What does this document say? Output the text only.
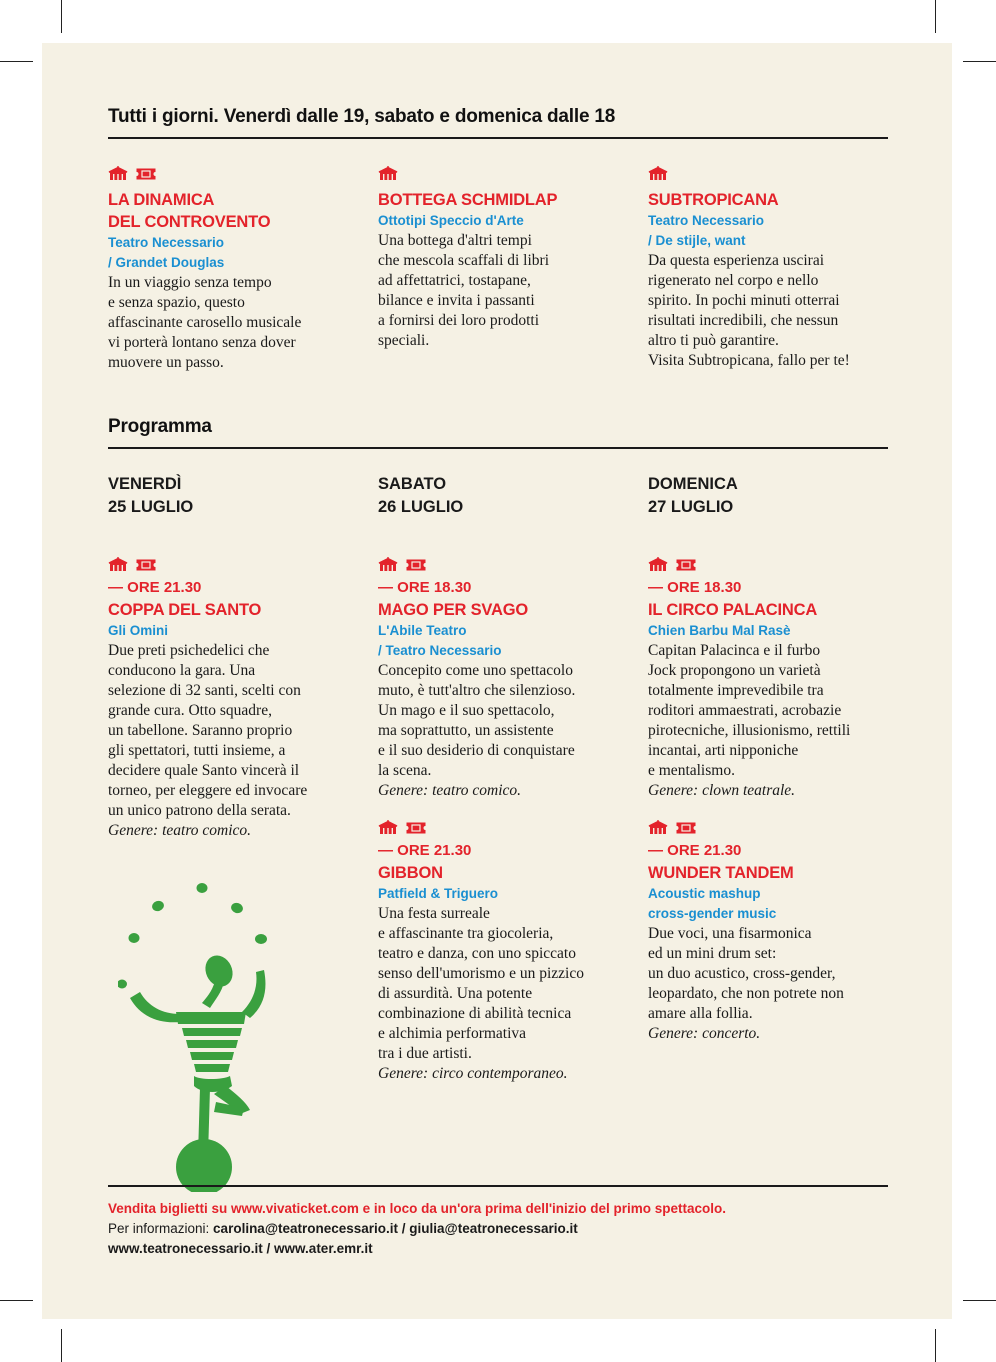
Tutti i giorni. Venerdì dalle 19, sabato e domenica dalle 18
LA DINAMICA
DEL CONTROVENTO
Teatro Necessario
/ Grandet Douglas
In un viaggio senza tempo
e senza spazio, questo
affascinante carosello musicale
vi porterà lontano senza dover
muovere un passo.
BOTTEGA SCHMIDLAP
Ottotipi Speccio d'Arte
Una bottega d'altri tempi
che mescola scaffali di libri
ad affettatrici, tostapane,
bilance e invita i passanti
a fornirsi dei loro prodotti
speciali.
SUBTROPICANA
Teatro Necessario
/ De stijle, want
Da questa esperienza uscirai
rigenerato nel corpo e nello
spirito. In pochi minuti otterrai
risultati incredibili, che nessun
altro ti può garantire.
Visita Subtropicana, fallo per te!
Programma
VENERDÌ
25 LUGLIO
SABATO
26 LUGLIO
DOMENICA
27 LUGLIO
— ORE 21.30
COPPA DEL SANTO
Gli Omini
Due preti psichedelici che
conducono la gara. Una
selezione di 32 santi, scelti con
grande cura. Otto squadre,
un tabellone. Saranno proprio
gli spettatori, tutti insieme, a
decidere quale Santo vincerà il
torneo, per eleggere ed invocare
un unico patrono della serata.
Genere: teatro comico.
— ORE 18.30
MAGO PER SVAGO
L'Abile Teatro
/ Teatro Necessario
Concepito come uno spettacolo
muto, è tutt'altro che silenzioso.
Un mago e il suo spettacolo,
ma soprattutto, un assistente
e il suo desiderio di conquistare
la scena.
Genere: teatro comico.
— ORE 18.30
IL CIRCO PALACINCA
Chien Barbu Mal Rasè
Capitan Palacinca e il furbo
Jock propongono un varietà
totalmente imprevedibile tra
roditori ammaestrati, acrobazie
pirotecniche, illusionismo, rettili
incantai, arti nipponiche
e mentalismo.
Genere: clown teatrale.
— ORE 21.30
GIBBON
Patfield & Triguero
Una festa surreale
e affascinante tra giocoleria,
teatro e danza, con uno spiccato
senso dell'umorismo e un pizzico
di assurdità. Una potente
combinazione di abilità tecnica
e alchimia performativa
tra i due artisti.
Genere: circo contemporaneo.
— ORE 21.30
WUNDER TANDEM
Acoustic mashup
cross-gender music
Due voci, una fisarmonica
ed un mini drum set:
un duo acustico, cross-gender,
leopardato, che non potrete non
amare alla follia.
Genere: concerto.
Vendita biglietti su www.vivaticket.com e in loco da un'ora prima dell'inizio del primo spettacolo.
Per informazioni: carolina@teatronecessario.it / giulia@teatronecessario.it
www.teatronecessario.it / www.ater.emr.it
